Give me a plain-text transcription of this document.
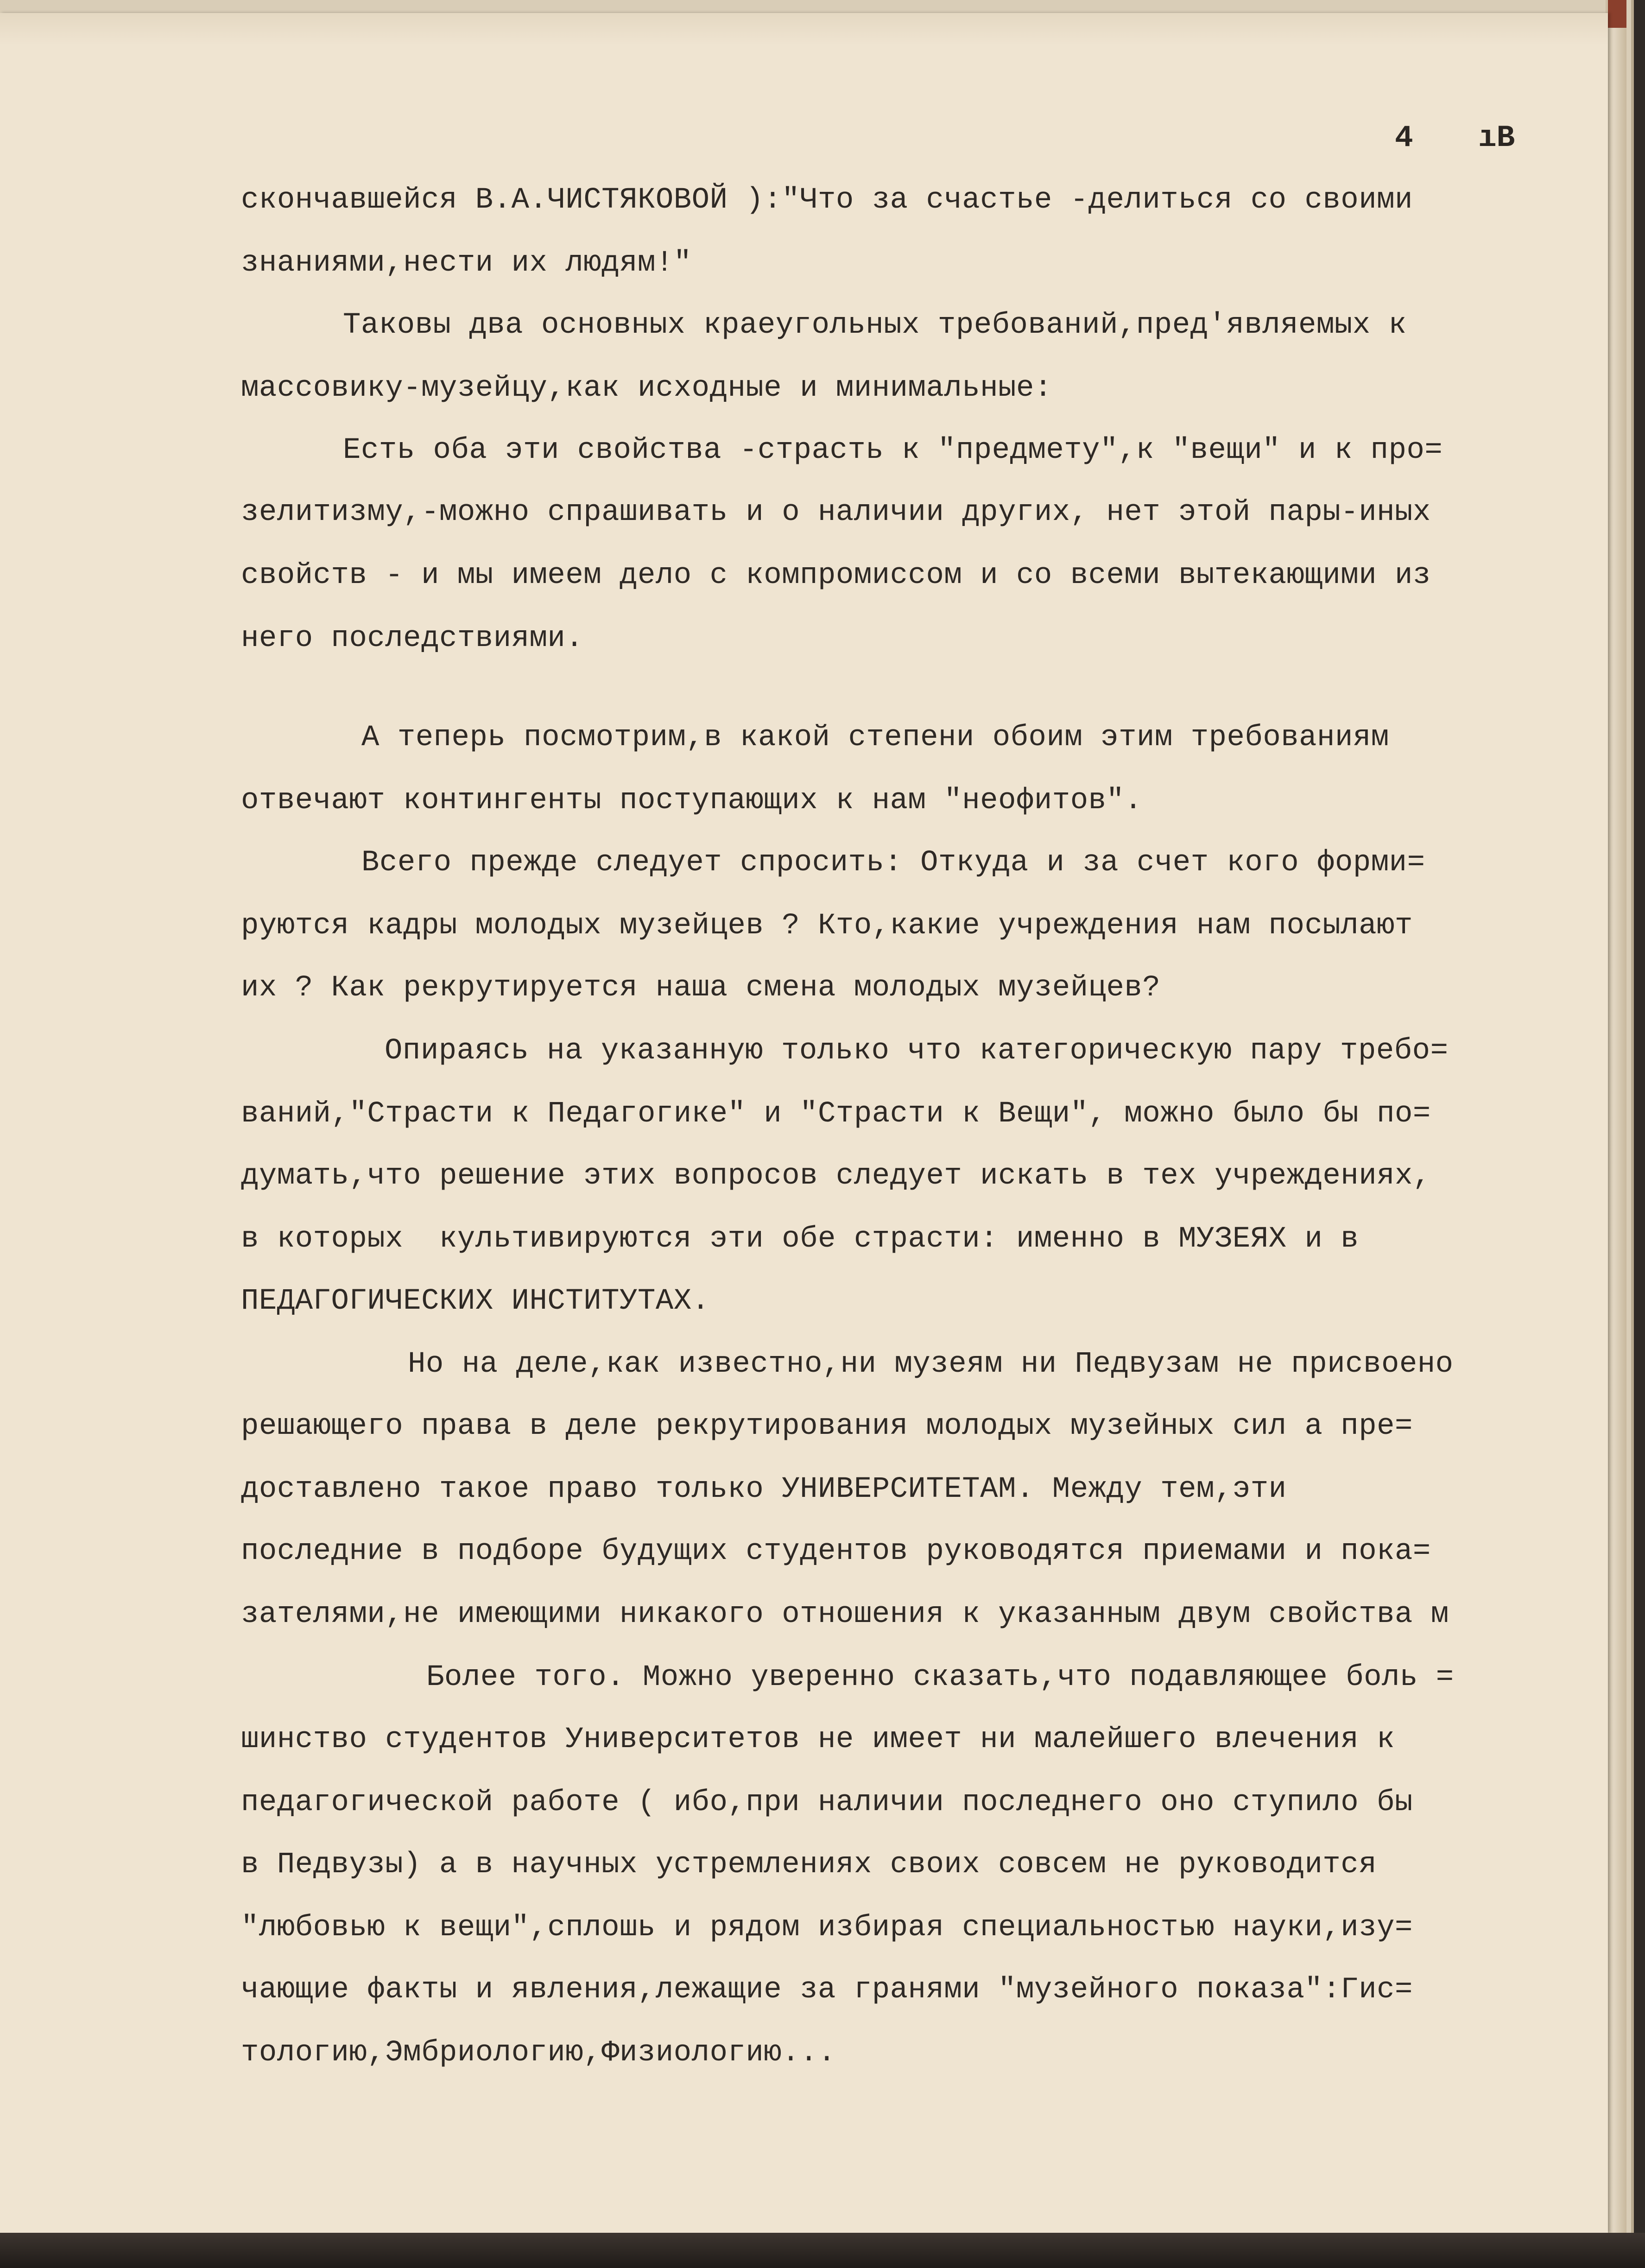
4 ıB

скончавшейся В.А.ЧИСТЯКОВОЙ ):"Что за счастье -делиться со своими

знаниями,нести их людям!"

Таковы два основных краеугольных требований,пред'являемых к

массовику-музейцу,как исходные и минимальные:

Есть оба эти свойства -страсть к "предмету",к "вещи" и к про=

зелитизму,-можно спрашивать и о наличии других, нет этой пары-иных

свойств - и мы имеем дело с компромиссом и со всеми вытекающими из

него последствиями.

А теперь посмотрим,в какой степени обоим этим требованиям

отвечают контингенты поступающих к нам "неофитов".

Всего прежде следует спросить: Откуда и за счет кого форми=

руются кадры молодых музейцев ? Кто,какие учреждения нам посылают

их ? Как рекрутируется наша смена молодых музейцев?

Опираясь на указанную только что категорическую пару требо=

ваний,"Страсти к Педагогике" и "Страсти к Вещи", можно было бы по=

думать,что решение этих вопросов следует искать в тех учреждениях,

в которых  культивируются эти обе страсти: именно в МУЗЕЯХ и в

ПЕДАГОГИЧЕСКИХ ИНСТИТУТАХ.

Но на деле,как известно,ни музеям ни Педвузам не присвоено

решающего права в деле рекрутирования молодых музейных сил а пре=

доставлено такое право только УНИВЕРСИТЕТАМ. Между тем,эти

последние в подборе будущих студентов руководятся приемами и пока=

зателями,не имеющими никакого отношения к указанным двум свойства м

Более того. Можно уверенно сказать,что подавляющее боль =

шинство студентов Университетов не имеет ни малейшего влечения к

педагогической работе ( ибо,при наличии последнего оно ступило бы

в Педвузы) а в научных устремлениях своих совсем не руководится

"любовью к вещи",сплошь и рядом избирая специальностью науки,изу=

чающие факты и явления,лежащие за гранями "музейного показа":Гис=

тологию,Эмбриологию,Физиологию...
